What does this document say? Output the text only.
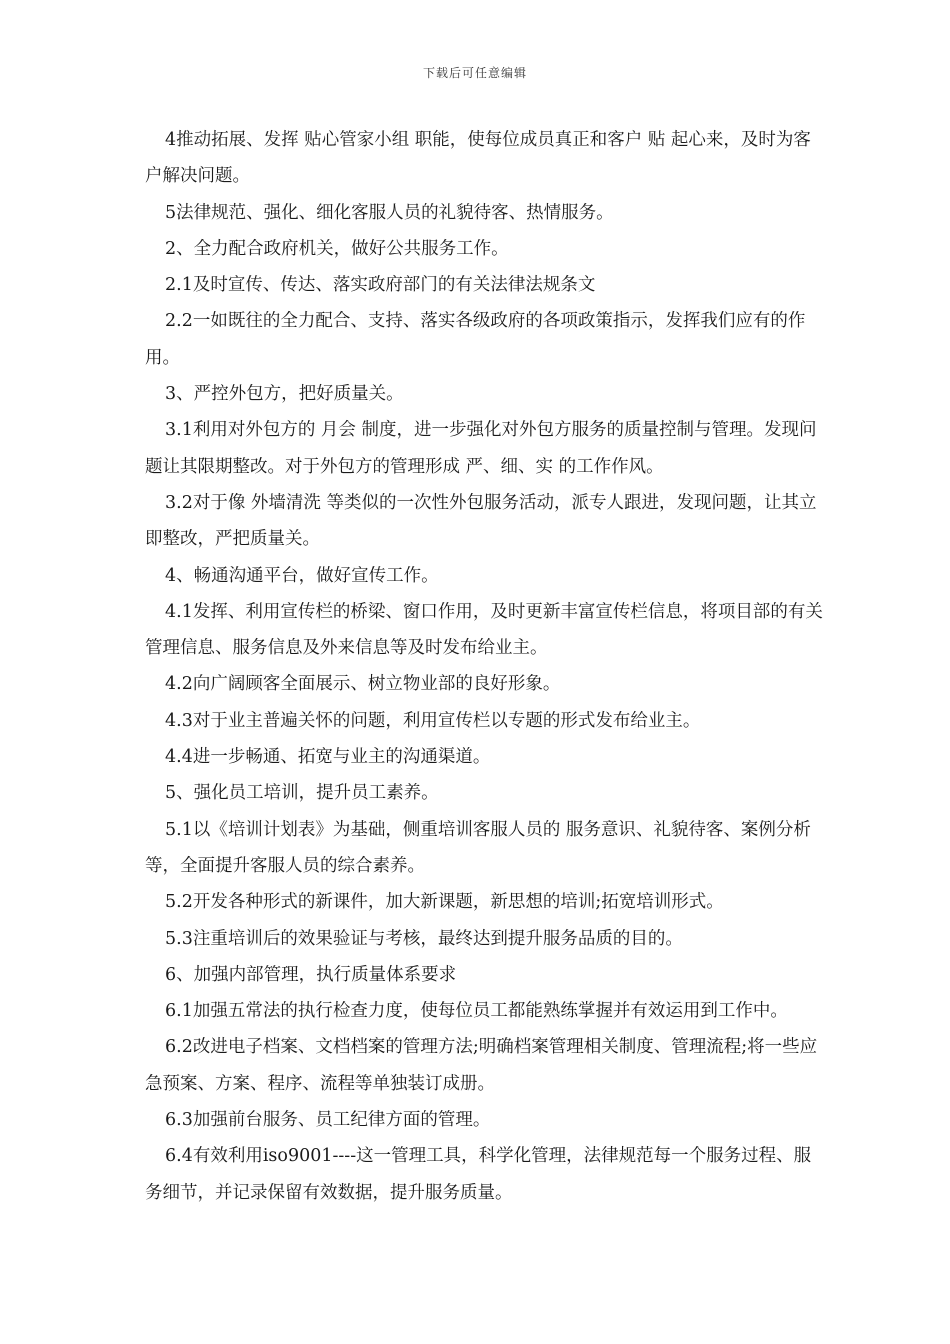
下载后可任意编辑

4推动拓展、发挥 贴心管家小组 职能，使每位成员真正和客户 贴 起心来，及时为客户解决问题。

5法律规范、强化、细化客服人员的礼貌待客、热情服务。

2、全力配合政府机关，做好公共服务工作。

2.1及时宣传、传达、落实政府部门的有关法律法规条文

2.2一如既往的全力配合、支持、落实各级政府的各项政策指示，发挥我们应有的作用。

3、严控外包方，把好质量关。

3.1利用对外包方的 月会 制度，进一步强化对外包方服务的质量控制与管理。发现问题让其限期整改。对于外包方的管理形成 严、细、实 的工作作风。

3.2对于像 外墙清洗 等类似的一次性外包服务活动，派专人跟进，发现问题，让其立即整改，严把质量关。

4、畅通沟通平台，做好宣传工作。

4.1发挥、利用宣传栏的桥梁、窗口作用，及时更新丰富宣传栏信息，将项目部的有关管理信息、服务信息及外来信息等及时发布给业主。

4.2向广阔顾客全面展示、树立物业部的良好形象。

4.3对于业主普遍关怀的问题，利用宣传栏以专题的形式发布给业主。

4.4进一步畅通、拓宽与业主的沟通渠道。

5、强化员工培训，提升员工素养。

5.1以《培训计划表》为基础，侧重培训客服人员的 服务意识、礼貌待客、案例分析 等，全面提升客服人员的综合素养。

5.2开发各种形式的新课件，加大新课题，新思想的培训;拓宽培训形式。

5.3注重培训后的效果验证与考核，最终达到提升服务品质的目的。

6、加强内部管理，执行质量体系要求

6.1加强五常法的执行检查力度，使每位员工都能熟练掌握并有效运用到工作中。

6.2改进电子档案、文档档案的管理方法;明确档案管理相关制度、管理流程;将一些应急预案、方案、程序、流程等单独装订成册。

6.3加强前台服务、员工纪律方面的管理。

6.4有效利用iso9001----这一管理工具，科学化管理，法律规范每一个服务过程、服务细节，并记录保留有效数据，提升服务质量。
